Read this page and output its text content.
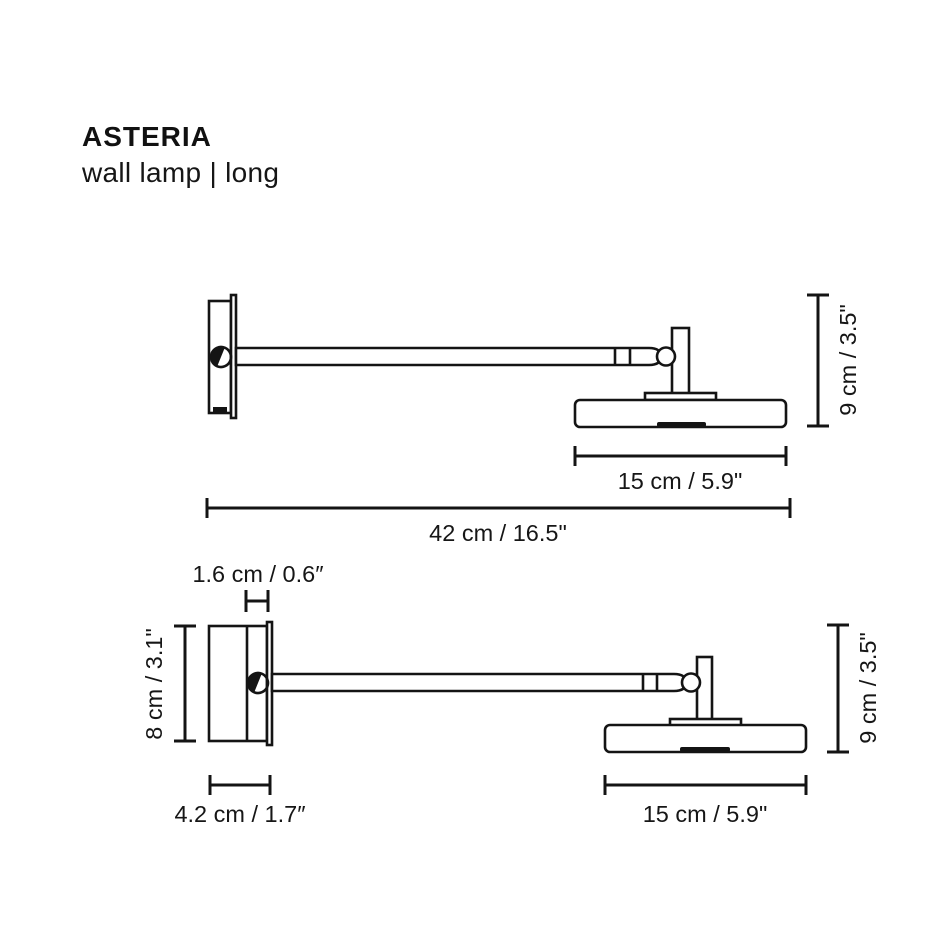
ASTERIA
wall lamp | long
15 cm / 5.9"
42 cm / 16.5"
9 cm / 3.5"
1.6 cm / 0.6″
8 cm / 3.1"
4.2 cm / 1.7″	15 cm / 5.9"
9 cm / 3.5"
